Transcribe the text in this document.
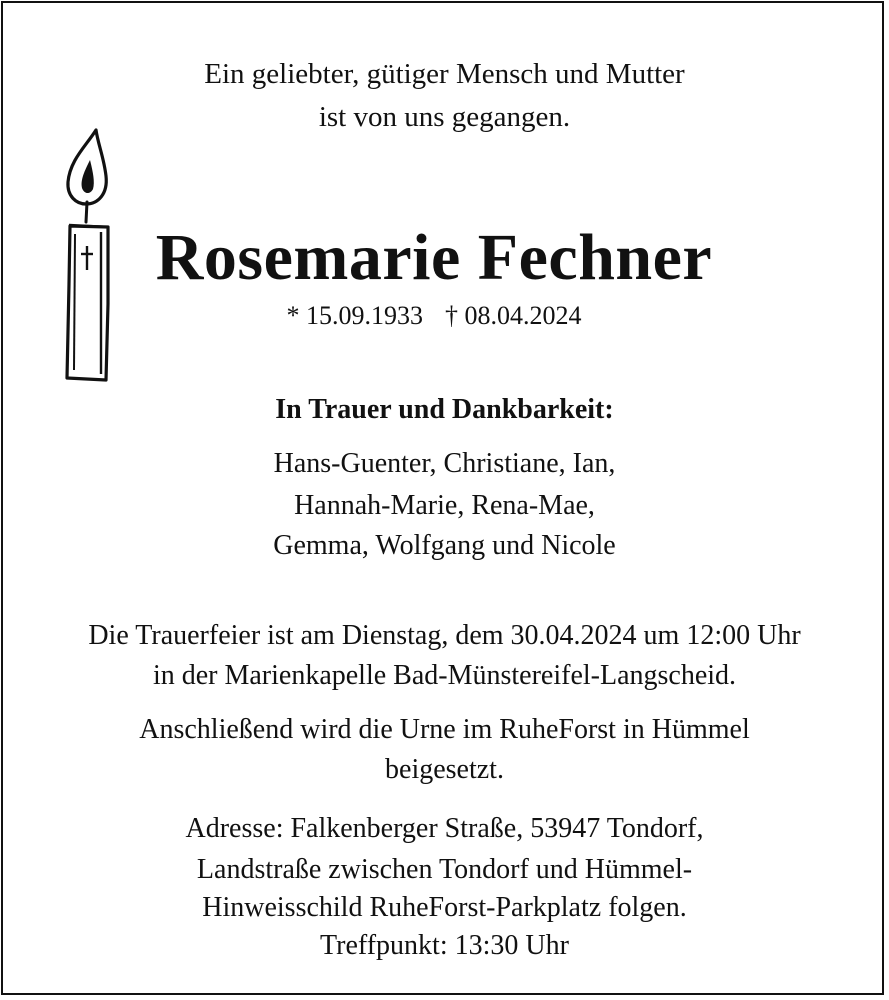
Ein geliebter, gütiger Mensch und Mutter
ist von uns gegangen.
Rosemarie Fechner
* 15.09.1933 † 08.04.2024
In Trauer und Dankbarkeit:
Hans-Guenter, Christiane, Ian,
Hannah-Marie, Rena-Mae,
Gemma, Wolfgang und Nicole
Die Trauerfeier ist am Dienstag, dem 30.04.2024 um 12:00 Uhr
in der Marienkapelle Bad-Münstereifel-Langscheid.
Anschließend wird die Urne im RuheForst in Hümmel
beigesetzt.
Adresse: Falkenberger Straße, 53947 Tondorf,
Landstraße zwischen Tondorf und Hümmel-
Hinweisschild RuheForst-Parkplatz folgen.
Treffpunkt: 13:30 Uhr
